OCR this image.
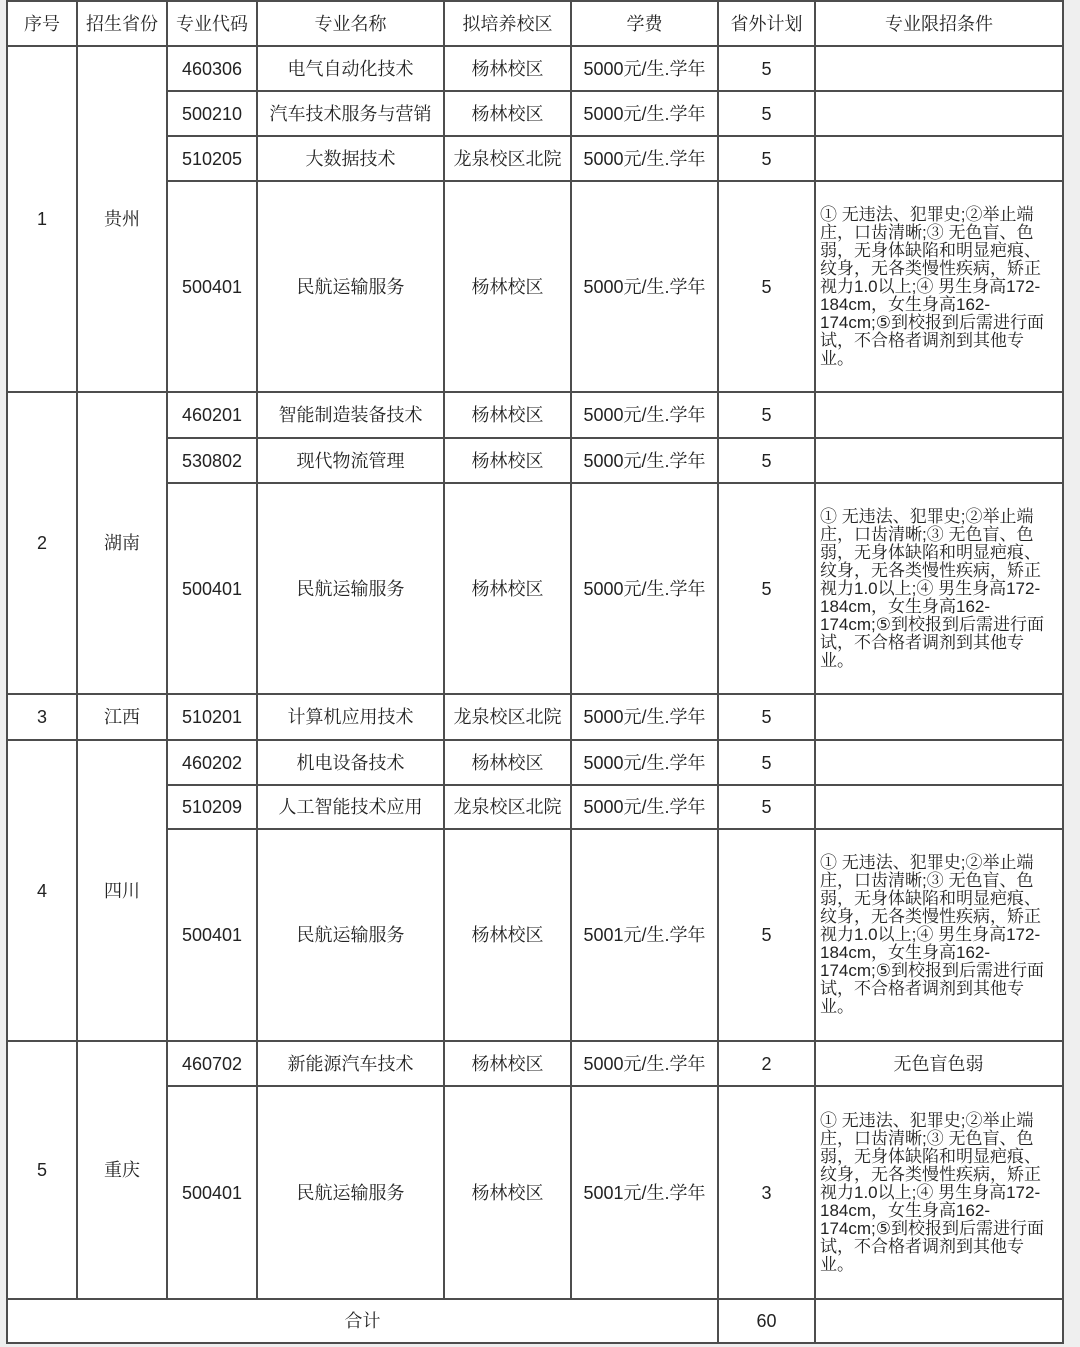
序号	招生省份	专业代码	专业名称	拟培养校区	学费	省外计划	专业限招条件
1	贵州	460306	电气自动化技术	杨林校区	5000元/生.学年	5	
		500210	汽车技术服务与营销	杨林校区	5000元/生.学年	5	
		510205	大数据技术	龙泉校区北院	5000元/生.学年	5	
		500401	民航运输服务	杨林校区	5000元/生.学年	5	① 无违法、犯罪史;②举止端庄，口齿清晰;③ 无色盲、色弱，无身体缺陷和明显疤痕、纹身，无各类慢性疾病，矫正视力1.0以上;④ 男生身高172-184cm，女生身高162-174cm;⑤到校报到后需进行面试，不合格者调剂到其他专业。
2	湖南	460201	智能制造装备技术	杨林校区	5000元/生.学年	5	
		530802	现代物流管理	杨林校区	5000元/生.学年	5	
		500401	民航运输服务	杨林校区	5000元/生.学年	5	① 无违法、犯罪史;②举止端庄，口齿清晰;③ 无色盲、色弱，无身体缺陷和明显疤痕、纹身，无各类慢性疾病，矫正视力1.0以上;④ 男生身高172-184cm，女生身高162-174cm;⑤到校报到后需进行面试，不合格者调剂到其他专业。
3	江西	510201	计算机应用技术	龙泉校区北院	5000元/生.学年	5	
4	四川	460202	机电设备技术	杨林校区	5000元/生.学年	5	
		510209	人工智能技术应用	龙泉校区北院	5000元/生.学年	5	
		500401	民航运输服务	杨林校区	5001元/生.学年	5	① 无违法、犯罪史;②举止端庄，口齿清晰;③ 无色盲、色弱，无身体缺陷和明显疤痕、纹身，无各类慢性疾病，矫正视力1.0以上;④ 男生身高172-184cm，女生身高162-174cm;⑤到校报到后需进行面试，不合格者调剂到其他专业。
5	重庆	460702	新能源汽车技术	杨林校区	5000元/生.学年	2	无色盲色弱
		500401	民航运输服务	杨林校区	5001元/生.学年	3	① 无违法、犯罪史;②举止端庄，口齿清晰;③ 无色盲、色弱，无身体缺陷和明显疤痕、纹身，无各类慢性疾病，矫正视力1.0以上;④ 男生身高172-184cm，女生身高162-174cm;⑤到校报到后需进行面试，不合格者调剂到其他专业。
合计						60	
